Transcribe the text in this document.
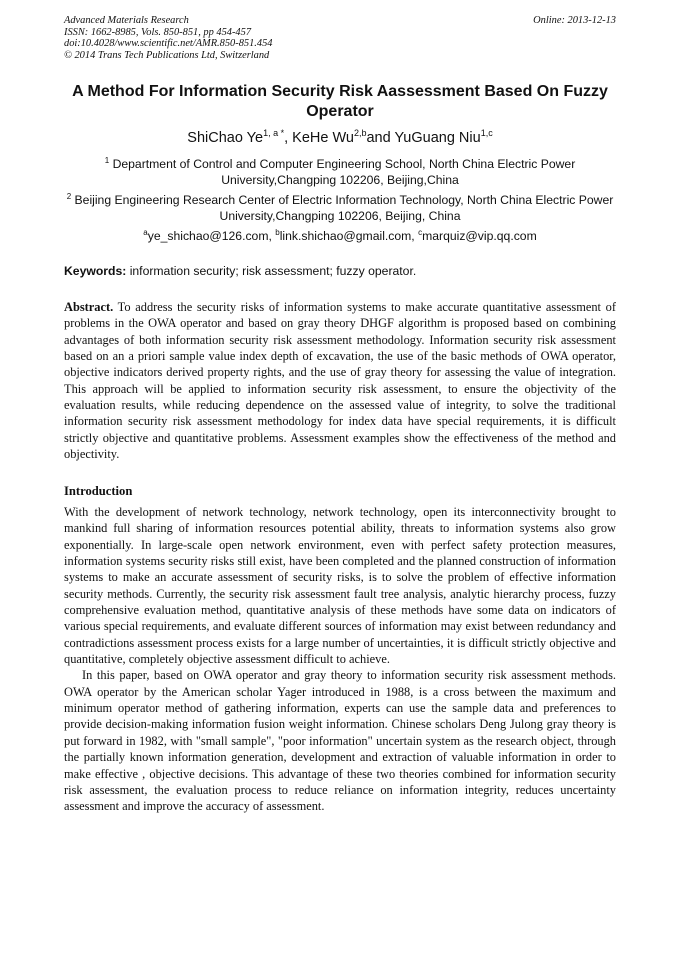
Advanced Materials Research
ISSN: 1662-8985, Vols. 850-851, pp 454-457
doi:10.4028/www.scientific.net/AMR.850-851.454
© 2014 Trans Tech Publications Ltd, Switzerland
Online: 2013-12-13
A Method For Information Security Risk Aassessment Based On Fuzzy Operator
ShiChao $Ye^{1, a *}$, KeHe Wu$^{2,b}$and YuGuang Niu$^{1,c}$
$^1$ Department of Control and Computer Engineering School, North China Electric Power University,Changping 102206, Beijing,China
$^2$ Beijing Engineering Research Center of Electric Information Technology, North China Electric Power University,Changping 102206, Beijing, China
$^a$ye_shichao@126.com, $^b$link.shichao@gmail.com, $^c$marquiz@vip.qq.com
Keywords: information security; risk assessment; fuzzy operator.

Abstract. To address the security risks of information systems to make accurate quantitative assessment of problems in the OWA operator and based on gray theory DHGF algorithm is proposed based on combining advantages of both information security risk assessment methodology. Information security risk assessment based on an a priori sample value index depth of excavation, the use of the basic methods of OWA operator, objective indicators derived property rights, and the use of gray theory for assessing the value of integration. This approach will be applied to information security risk assessment, to ensure the objectivity of the evaluation results, while reducing dependence on the assessed value of integrity, to solve the traditional information security risk assessment methodology for index data have special requirements, it is difficult strictly objective and quantitative problems. Assessment examples show the effectiveness of the method and objectivity.

Introduction

With the development of network technology, network technology, open its interconnectivity brought to mankind full sharing of information resources potential ability, threats to information systems also grow exponentially. In large-scale open network environment, even with perfect safety protection measures, information systems security risks still exist, have been completed and the planned construction of information systems to make an accurate assessment of security risks, is to solve the problem of effective information security methods. Currently, the security risk assessment fault tree analysis, analytic hierarchy process, fuzzy comprehensive evaluation method, quantitative analysis of these methods have some data on indicators of various special requirements, and evaluate different sources of information may exist between redundancy and contradictions assessment process exists for a large number of uncertainties, it is difficult strictly objective and quantitative, completely objective assessment difficult to achieve.

In this paper, based on OWA operator and gray theory to information security risk assessment methods. OWA operator by the American scholar Yager introduced in 1988, is a cross between the maximum and minimum operator method of gathering information, experts can use the sample data and preferences to provide decision-making information fusion weight information. Chinese scholars Deng Julong gray theory is put forward in 1982, with "small sample", "poor information" uncertain system as the research object, through the partially known information generation, development and extraction of valuable information in order to make effective , objective decisions. This advantage of these two theories combined for information security risk assessment, the evaluation process to reduce reliance on information integrity, reduces uncertainty assessment and improve the accuracy of assessment.
